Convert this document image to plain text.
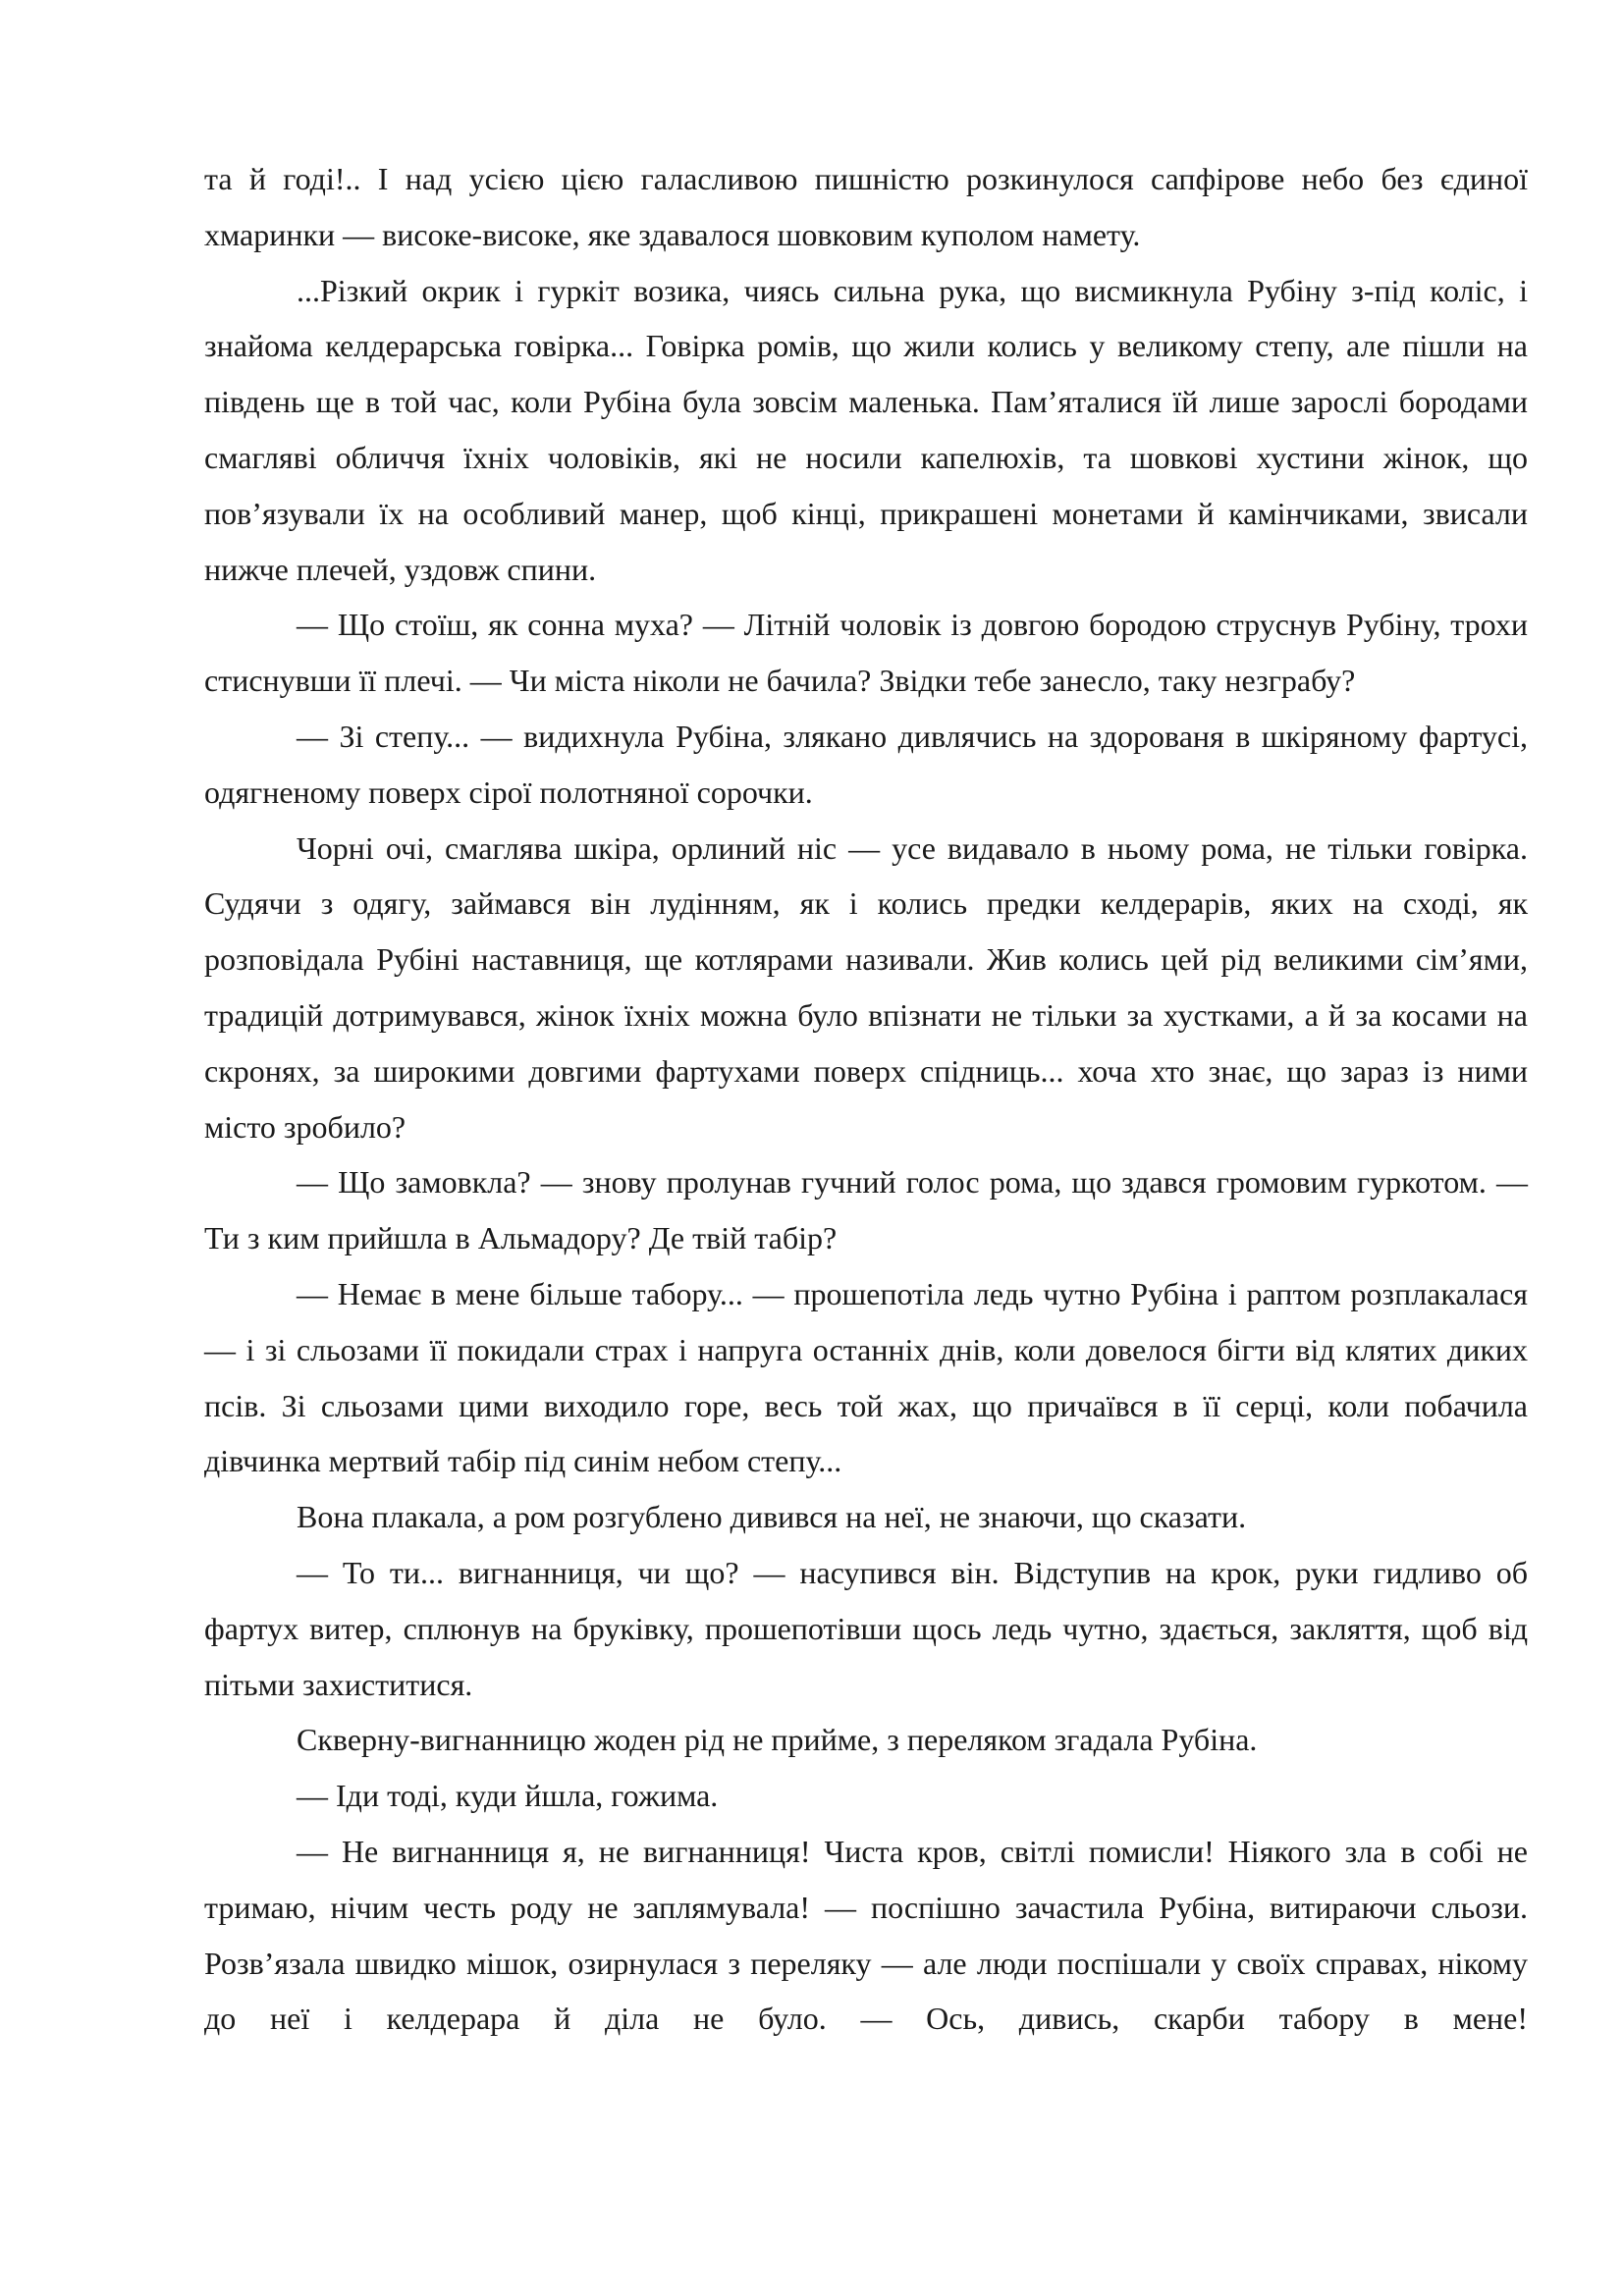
та й годі!.. І над усією цією галасливою пишністю розкинулося сапфірове небо без єдиної хмаринки — високе-високе, яке здавалося шовковим куполом намету.

...Різкий окрик і гуркіт возика, чиясь сильна рука, що висмикнула Рубіну з-під коліс, і знайома келдерарська говірка... Говірка ромів, що жили колись у великому степу, але пішли на південь ще в той час, коли Рубіна була зовсім маленька. Пам’яталися їй лише зарослі бородами смагляві обличчя їхніх чоловіків, які не носили капелюхів, та шовкові хустини жінок, що пов’язували їх на особливий манер, щоб кінці, прикрашені монетами й камінчиками, звисали нижче плечей, уздовж спини.

— Що стоїш, як сонна муха? — Літній чоловік із довгою бородою струснув Рубіну, трохи стиснувши її плечі. — Чи міста ніколи не бачила? Звідки тебе занесло, таку незграбу?

— Зі степу... — видихнула Рубіна, злякано дивлячись на здорованя в шкіряному фартусі, одягненому поверх сірої полотняної сорочки.

Чорні очі, смаглява шкіра, орлиний ніс — усе видавало в ньому рома, не тільки говірка. Судячи з одягу, займався він лудінням, як і колись предки келдерарів, яких на сході, як розповідала Рубіні наставниця, ще котлярами називали. Жив колись цей рід великими сім’ями, традицій дотримувався, жінок їхніх можна було впізнати не тільки за хустками, а й за косами на скронях, за широкими довгими фартухами поверх спідниць... хоча хто знає, що зараз із ними місто зробило?

— Що замовкла? — знову пролунав гучний голос рома, що здався громовим гуркотом. — Ти з ким прийшла в Альмадору? Де твій табір?

— Немає в мене більше табору... — прошепотіла ледь чутно Рубіна і раптом розплакалася — і зі сльозами її покидали страх і напруга останніх днів, коли довелося бігти від клятих диких псів. Зі сльозами цими виходило горе, весь той жах, що причаївся в її серці, коли побачила дівчинка мертвий табір під синім небом степу...

Вона плакала, а ром розгублено дивився на неї, не знаючи, що сказати.

— То ти... вигнанниця, чи що? — насупився він. Відступив на крок, руки гидливо об фартух витер, сплюнув на бруківку, прошепотівши щось ледь чутно, здається, закляття, щоб від пітьми захиститися.

Скверну-вигнанницю жоден рід не прийме, з переляком згадала Рубіна.

— Іди тоді, куди йшла, гожима.

— Не вигнанниця я, не вигнанниця! Чиста кров, світлі помисли! Ніякого зла в собі не тримаю, нічим честь роду не заплямувала! — поспішно зачастила Рубіна, витираючи сльози. Розв’язала швидко мішок, озирнулася з переляку — але люди поспішали у своїх справах, нікому до неї і келдерара й діла не було. — Ось, дивись, скарби табору в мене!
